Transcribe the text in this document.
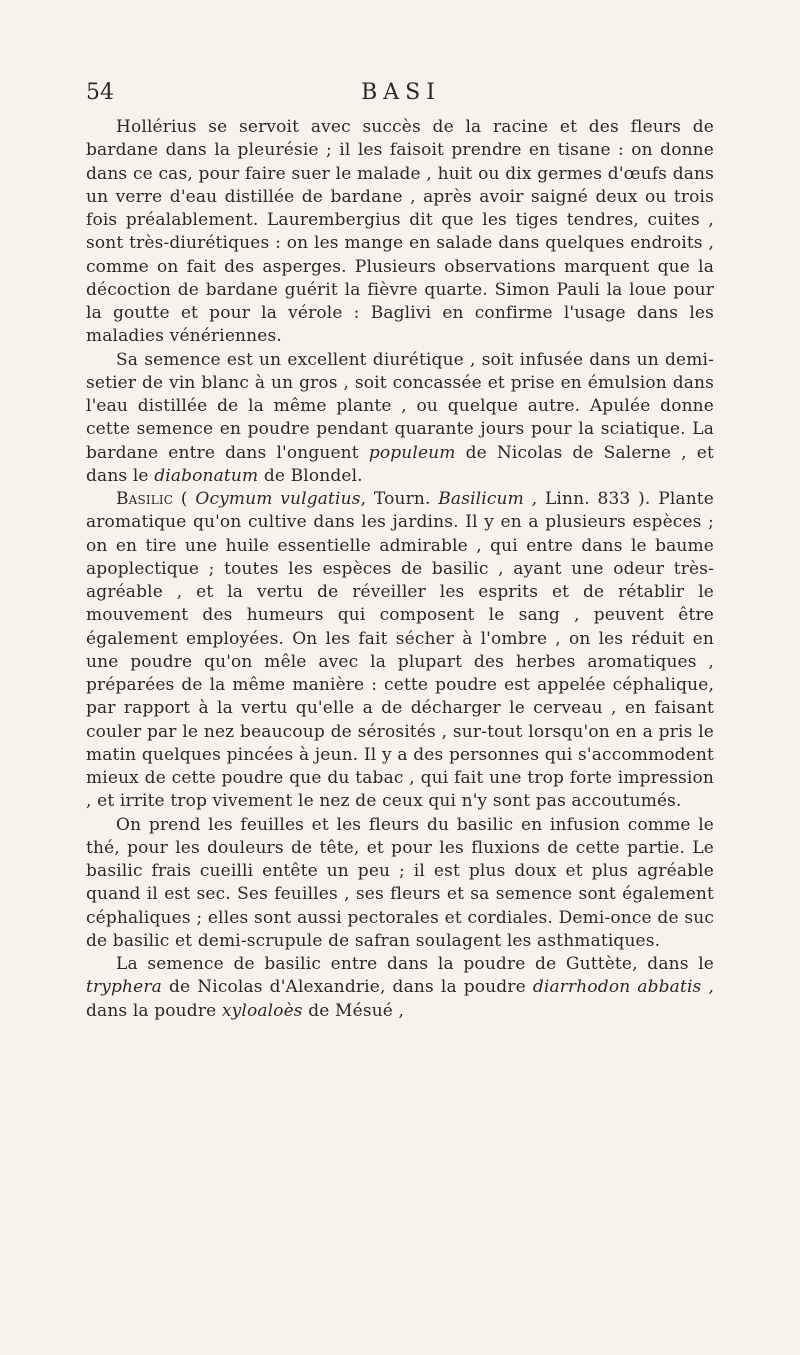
54	BASI

Hollérius se servoit avec succès de la racine et des fleurs de bardane dans la pleurésie ; il les faisoit prendre en tisane : on donne dans ce cas, pour faire suer le malade , huit ou dix germes d'œufs dans un verre d'eau distillée de bardane , après avoir saigné deux ou trois fois préalablement. Laurembergius dit que les tiges tendres, cuites , sont très-diurétiques : on les mange en salade dans quelques endroits , comme on fait des asperges. Plusieurs observations marquent que la décoction de bardane guérit la fièvre quarte. Simon Pauli la loue pour la goutte et pour la vérole : Baglivi en confirme l'usage dans les maladies vénériennes.

Sa semence est un excellent diurétique , soit infusée dans un demi-setier de vin blanc à un gros , soit concassée et prise en émulsion dans l'eau distillée de la même plante , ou quelque autre. Apulée donne cette semence en poudre pendant quarante jours pour la sciatique. La bardane entre dans l'onguent populeum de Nicolas de Salerne , et dans le diabonatum de Blondel.

Basilic ( Ocymum vulgatius, Tourn. Basilicum , Linn. 833 ). Plante aromatique qu'on cultive dans les jardins. Il y en a plusieurs espèces ; on en tire une huile essentielle admirable , qui entre dans le baume apoplectique ; toutes les espèces de basilic , ayant une odeur très-agréable , et la vertu de réveiller les esprits et de rétablir le mouvement des humeurs qui composent le sang , peuvent être également employées. On les fait sécher à l'ombre , on les réduit en une poudre qu'on mêle avec la plupart des herbes aromatiques , préparées de la même manière : cette poudre est appelée céphalique, par rapport à la vertu qu'elle a de décharger le cerveau , en faisant couler par le nez beaucoup de sérosités , sur-tout lorsqu'on en a pris le matin quelques pincées à jeun. Il y a des personnes qui s'accommodent mieux de cette poudre que du tabac , qui fait une trop forte impression , et irrite trop vivement le nez de ceux qui n'y sont pas accoutumés.

On prend les feuilles et les fleurs du basilic en infusion comme le thé, pour les douleurs de tête, et pour les fluxions de cette partie. Le basilic frais cueilli entête un peu ; il est plus doux et plus agréable quand il est sec. Ses feuilles , ses fleurs et sa semence sont également céphaliques ; elles sont aussi pectorales et cordiales. Demi-once de suc de basilic et demi-scrupule de safran soulagent les asthmatiques.

La semence de basilic entre dans la poudre de Guttète, dans le tryphera de Nicolas d'Alexandrie, dans la poudre diarrhodon abbatis , dans la poudre xyloaloès de Mésué ,
